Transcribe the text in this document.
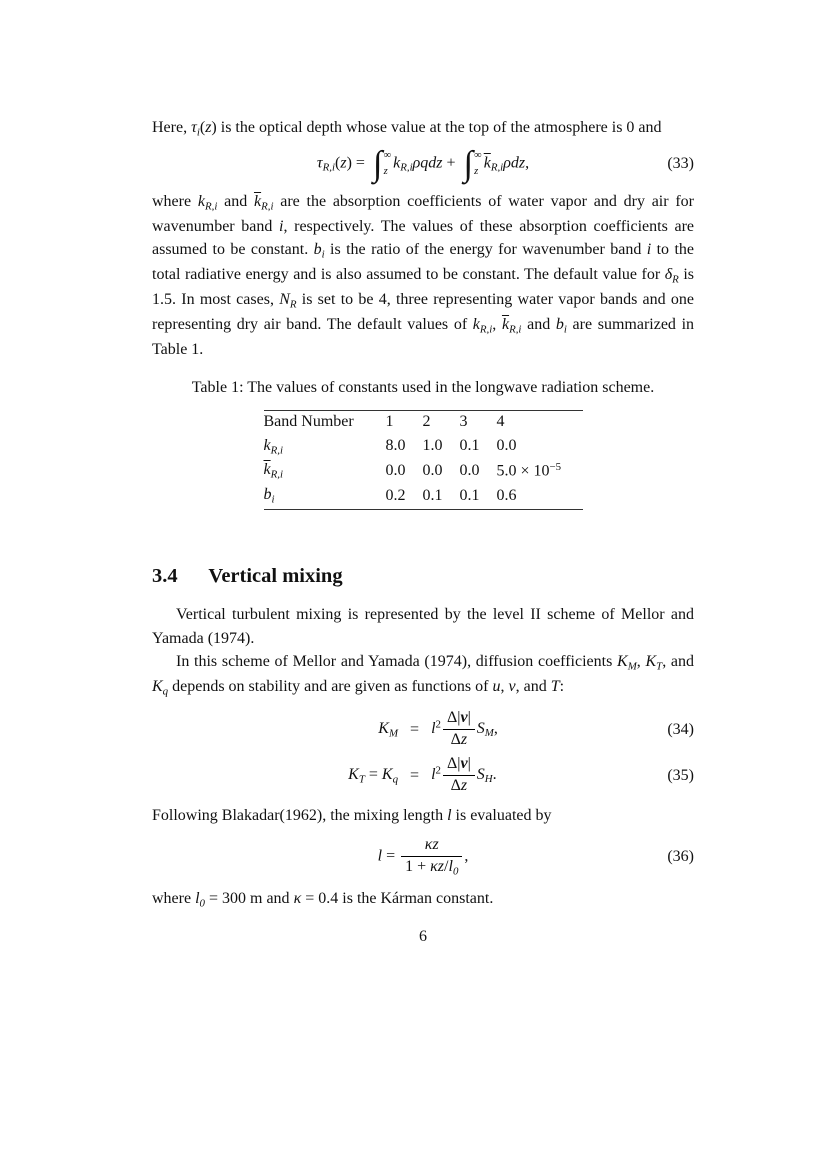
Here, $\tau_i(z)$ is the optical depth whose value at the top of the atmosphere is 0 and

$\tau_{R,i}(z)$ = ∫ ∞
z
$k_{R,i}\rho qdz$ + ∫ ∞
z
$\overline{k}_{R,i}\rho dz$,	(33)

where $k_{R,i}$ and $\overline{k}_{R,i}$ are the absorption coefficients of water vapor and dry air for wavenumber band i, respectively. The values of these absorption coefficients are assumed to be constant. $b_i$ is the ratio of the energy for wavenumber band i to the total radiative energy and is also assumed to be constant. The default value for $\delta_R$ is 1.5. In most cases, $N_R$ is set to be 4, three representing water vapor bands and one representing dry air band. The default values of $k_{R,i}$, $\overline{k}_{R,i}$ and $b_i$ are summarized in Table 1.

Table 1: The values of constants used in the longwave radiation scheme.
Band Number	1	2	3	4
$k_{R,i}$	8.0	1.0	0.1	0.0
$\overline{k}_{R,i}$	0.0	0.0	0.0	$5.0 \times 10^{-5}$
$b_i$	0.2	0.1	0.1	0.6
3.4 Vertical mixing

Vertical turbulent mixing is represented by the level II scheme of Mellor and Yamada (1974).

In this scheme of Mellor and Yamada (1974), diffusion coefficients $K_M$, $K_T$, and $K_q$ depends on stability and are given as functions of u, v, and T:

$K_M = l^2 \frac{\Delta|v|}{\Delta z} S_M$,	(34)
$K_T = K_q = l^2 \frac{\Delta|v|}{\Delta z} S_H$.	(35)

Following Blakadar(1962), the mixing length l is evaluated by

$l = \frac{\kappa z}{1 + \kappa z/l_0}$ ,	(36)

where $l_0 = 300$ m and κ = 0.4 is the Kárman constant.

6
